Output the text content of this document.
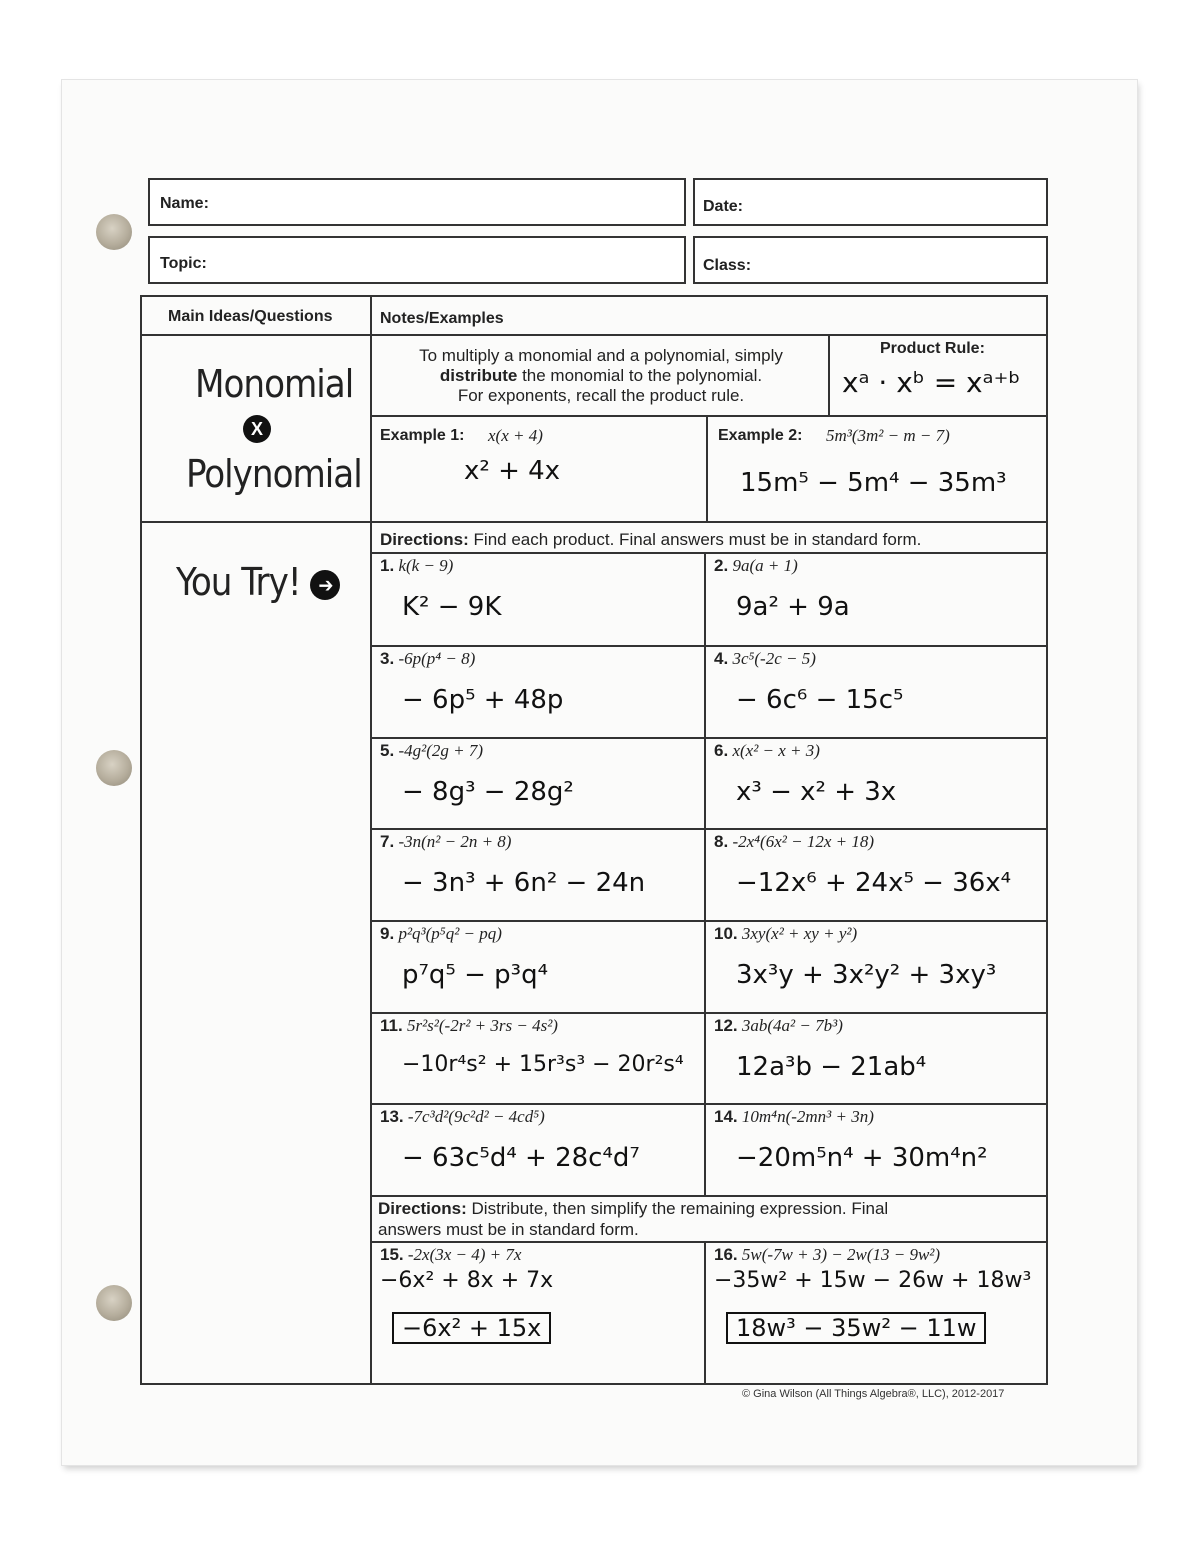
Name:	Date:
Topic:	Class:
Main Ideas/Questions	Notes/Examples
Monomial
X
Polynomial
To multiply a monomial and a polynomial, simply
distribute the monomial to the polynomial.
For exponents, recall the product rule.
Product Rule:
xᵃ · xᵇ = xᵃ⁺ᵇ
Example 1: x(x + 4)
x² + 4x
Example 2: 5m³(3m² − m − 7)
15m⁵ − 5m⁴ − 35m³
You Try! ➔
Directions: Find each product. Final answers must be in standard form.
1. k(k − 9)
K² − 9K
2. 9a(a + 1)
9a² + 9a
3. -6p(p⁴ − 8)
− 6p⁵ + 48p
4. 3c⁵(-2c − 5)
− 6c⁶ − 15c⁵
5. -4g²(2g + 7)
− 8g³ − 28g²
6. x(x² − x + 3)
x³ − x² + 3x
7. -3n(n² − 2n + 8)
− 3n³ + 6n² − 24n
8. -2x⁴(6x² − 12x + 18)
−12x⁶ + 24x⁵ − 36x⁴
9. p²q³(p⁵q² − pq)
p⁷q⁵ − p³q⁴
10. 3xy(x² + xy + y²)
3x³y + 3x²y² + 3xy³
11. 5r²s²(-2r² + 3rs − 4s²)
−10r⁴s² + 15r³s³ − 20r²s⁴
12. 3ab(4a² − 7b³)
12a³b − 21ab⁴
13. -7c³d²(9c²d² − 4cd⁵)
− 63c⁵d⁴ + 28c⁴d⁷
14. 10m⁴n(-2mn³ + 3n)
−20m⁵n⁴ + 30m⁴n²
Directions: Distribute, then simplify the remaining expression. Final
answers must be in standard form.
15. -2x(3x − 4) + 7x
−6x² + 8x + 7x
−6x² + 15x
16. 5w(-7w + 3) − 2w(13 − 9w²)
−35w² + 15w − 26w + 18w³
18w³ − 35w² − 11w
© Gina Wilson (All Things Algebra®, LLC), 2012-2017
